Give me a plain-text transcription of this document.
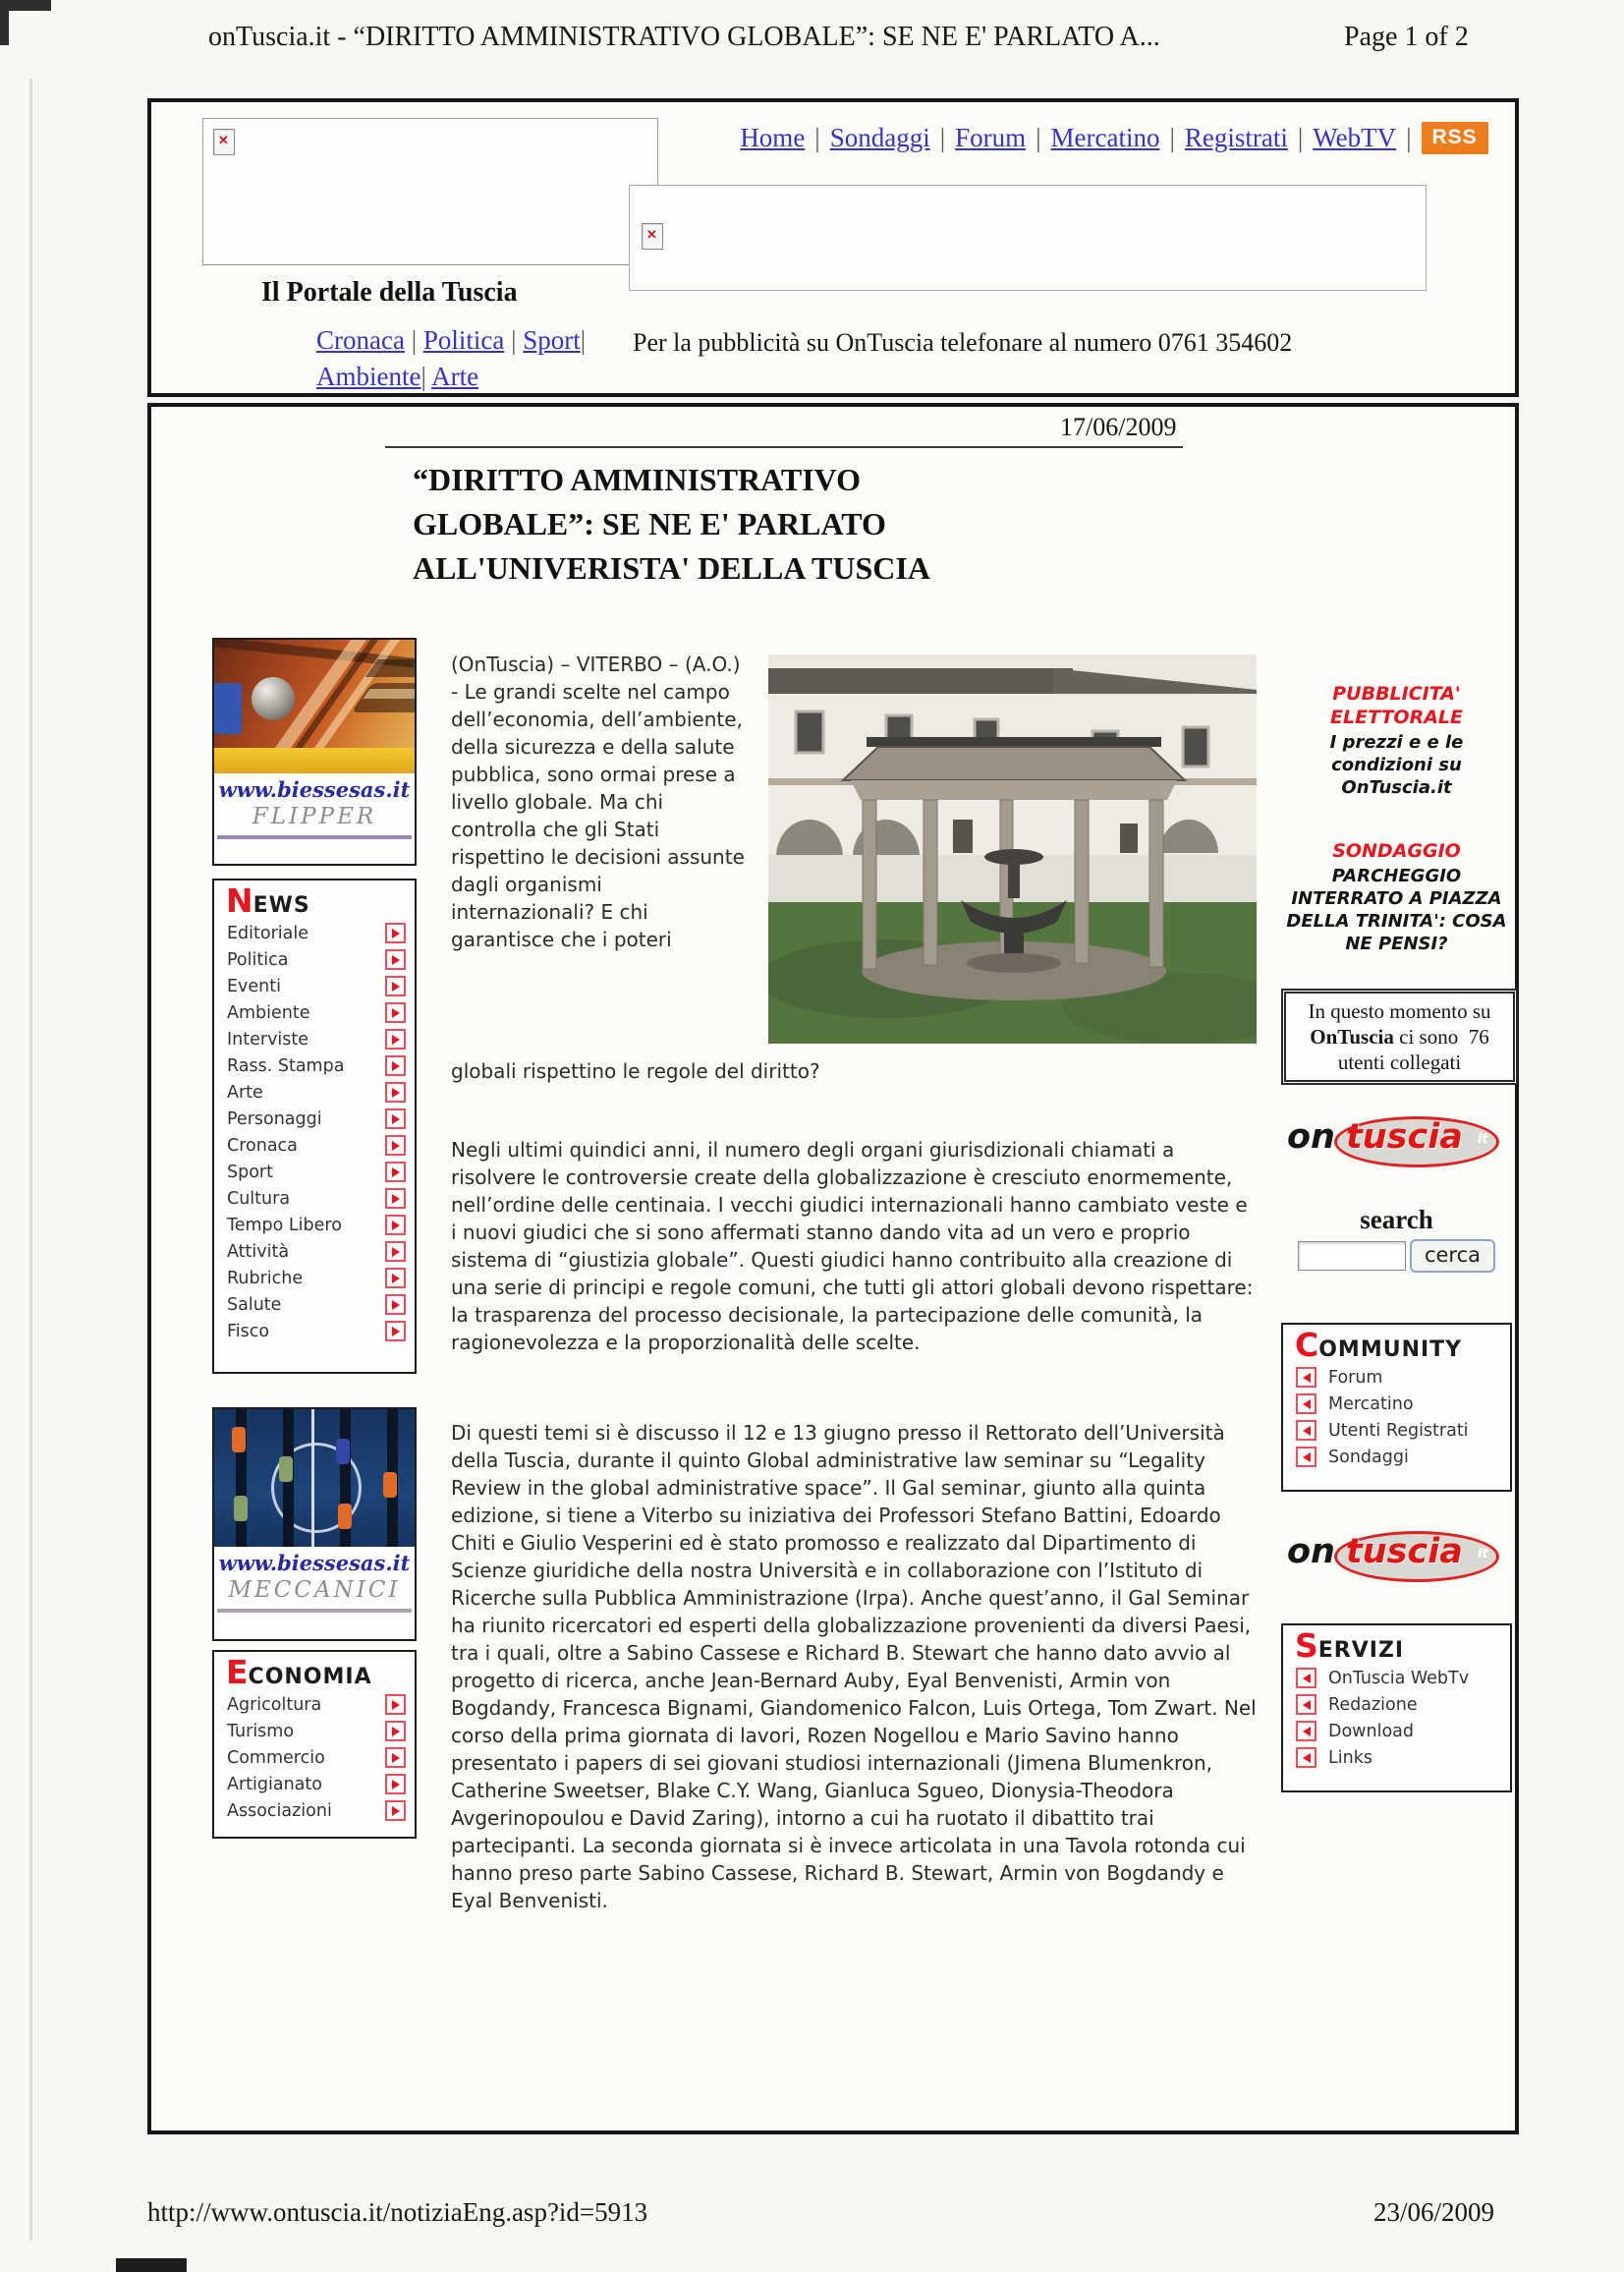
onTuscia.it - “DIRITTO AMMINISTRATIVO GLOBALE”: SE NE E' PARLATO A...	Page 1 of 2
✕
Il Portale della Tuscia
Cronaca | Politica | Sport|
Ambiente| Arte
Home | Sondaggi | Forum | Mercatino | Registrati | WebTV |	RSS
✕
Per la pubblicità su OnTuscia telefonare al numero 0761 354602
17/06/2009
“DIRITTO AMMINISTRATIVO
GLOBALE”: SE NE E' PARLATO
ALL'UNIVERISTA' DELLA TUSCIA
www.biessesas.it
FLIPPER
NEWS
Editoriale
Politica
Eventi
Ambiente
Interviste
Rass. Stampa
Arte
Personaggi
Cronaca
Sport
Cultura
Tempo Libero
Attività
Rubriche
Salute
Fisco
www.biessesas.it
MECCANICI
ECONOMIA
Agricoltura
Turismo
Commercio
Artigianato
Associazioni

(OnTuscia) – VITERBO – (A.O.) - Le grandi scelte nel campo dell’economia, dell’ambiente, della sicurezza e della salute pubblica, sono ormai prese a livello globale. Ma chi controlla che gli Stati rispettino le decisioni assunte dagli organismi internazionali? E chi garantisce che i poteri

globali rispettino le regole del diritto?

Negli ultimi quindici anni, il numero degli organi giurisdizionali chiamati a risolvere le controversie create della globalizzazione è cresciuto enormemente, nell’ordine delle centinaia. I vecchi giudici internazionali hanno cambiato veste e i nuovi giudici che si sono affermati stanno dando vita ad un vero e proprio sistema di “giustizia globale”. Questi giudici hanno contribuito alla creazione di una serie di principi e regole comuni, che tutti gli attori globali devono rispettare: la trasparenza del processo decisionale, la partecipazione delle comunità, la ragionevolezza e la proporzionalità delle scelte.

Di questi temi si è discusso il 12 e 13 giugno presso il Rettorato dell’Università della Tuscia, durante il quinto Global administrative law seminar su “Legality Review in the global administrative space”. Il Gal seminar, giunto alla quinta edizione, si tiene a Viterbo su iniziativa dei Professori Stefano Battini, Edoardo Chiti e Giulio Vesperini ed è stato promosso e realizzato dal Dipartimento di Scienze giuridiche della nostra Università e in collaborazione con l’Istituto di Ricerche sulla Pubblica Amministrazione (Irpa). Anche quest’anno, il Gal Seminar ha riunito ricercatori ed esperti della globalizzazione provenienti da diversi Paesi, tra i quali, oltre a Sabino Cassese e Richard B. Stewart che hanno dato avvio al progetto di ricerca, anche Jean-Bernard Auby, Eyal Benvenisti, Armin von Bogdandy, Francesca Bignami, Giandomenico Falcon, Luis Ortega, Tom Zwart. Nel corso della prima giornata di lavori, Rozen Nogellou e Mario Savino hanno presentato i papers di sei giovani studiosi internazionali (Jimena Blumenkron, Catherine Sweetser, Blake C.Y. Wang, Gianluca Sgueo, Dionysia-Theodora Avgerinopoulou e David Zaring), intorno a cui ha ruotato il dibattito trai partecipanti. La seconda giornata si è invece articolata in una Tavola rotonda cui hanno preso parte Sabino Cassese, Richard B. Stewart, Armin von Bogdandy e Eyal Benvenisti.

PUBBLICITA' ELETTORALE
I prezzi e e le condizioni su OnTuscia.it
SONDAGGIO
PARCHEGGIO INTERRATO A PIAZZA DELLA TRINITA': COSA NE PENSI?
In questo momento su
OnTuscia ci sono  76
utenti collegati
on tuscia it
search
cerca
COMMUNITY
Forum
Mercatino
Utenti Registrati
Sondaggi
on tuscia it
SERVIZI
OnTuscia WebTv
Redazione
Download
Links
http://www.ontuscia.it/notiziaEng.asp?id=5913	23/06/2009
